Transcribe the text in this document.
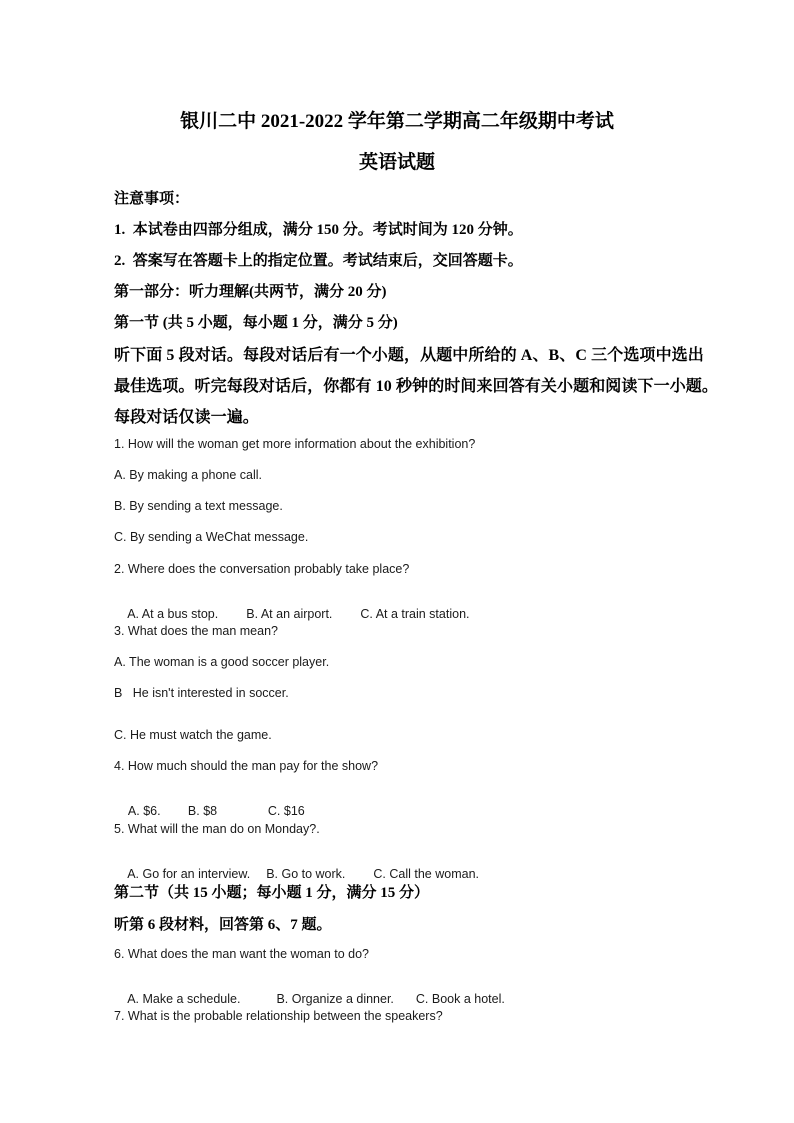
银川二中 2021-2022 学年第二学期高二年级期中考试
英语试题
注意事项：
1.  本试卷由四部分组成，满分 150 分。考试时间为 120 分钟。
2.  答案写在答题卡上的指定位置。考试结束后，交回答题卡。
第一部分：听力理解(共两节，满分 20 分)
第一节 (共 5 小题，每小题 1 分，满分 5 分)
听下面 5 段对话。每段对话后有一个小题，从题中所给的 A、B、C 三个选项中选出
最佳选项。听完每段对话后，你都有 10 秒钟的时间来回答有关小题和阅读下一小题。
每段对话仅读一遍。
1. How will the woman get more information about the exhibition?
A. By making a phone call.
B. By sending a text message.
C. By sending a WeChat message.
2. Where does the conversation probably take place?

A. At a bus stop. B. At an airport. C. At a train station.

3. What does the man mean?
A. The woman is a good soccer player.
B   He isn't interested in soccer.
C. He must watch the game.
4. How much should the man pay for the show?

A. $6. B. $8	C. $16

5. What will the man do on Monday?.

A. Go for an interview. B. Go to work. C. Call the woman.

第二节（共 15 小题；每小题 1 分，满分 15 分）
听第 6 段材料，回答第 6、7 题。
6. What does the man want the woman to do?

A. Make a schedule.	B. Organize a dinner. C. Book a hotel.

7. What is the probable relationship between the speakers?
